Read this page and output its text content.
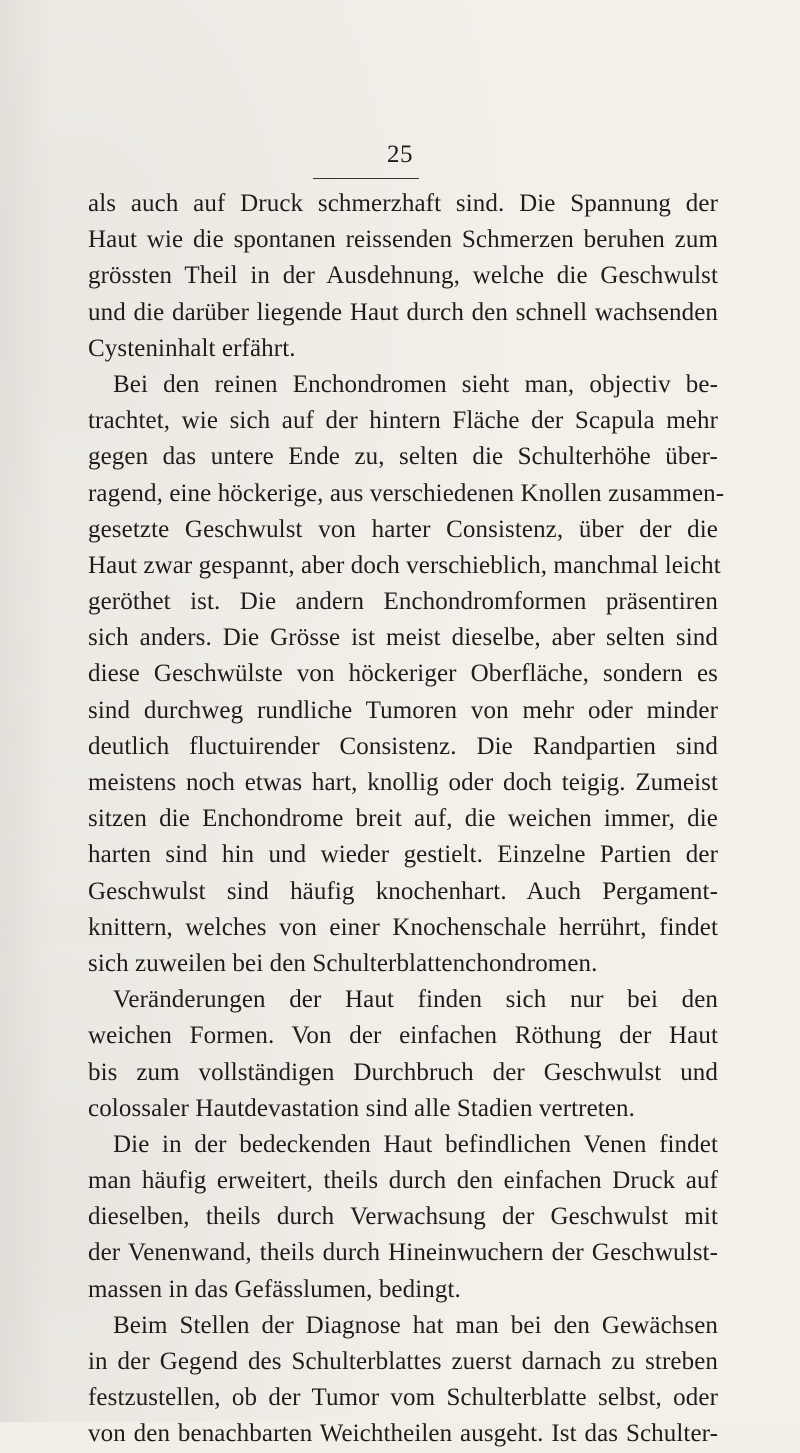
25
als auch auf Druck schmerzhaft sind. Die Spannung der
Haut wie die spontanen reissenden Schmerzen beruhen zum
grössten Theil in der Ausdehnung, welche die Geschwulst
und die darüber liegende Haut durch den schnell wachsenden
Cysteninhalt erfährt.
Bei den reinen Enchondromen sieht man, objectiv be-
trachtet, wie sich auf der hintern Fläche der Scapula mehr
gegen das untere Ende zu, selten die Schulterhöhe über-
ragend, eine höckerige, aus verschiedenen Knollen zusammen-
gesetzte Geschwulst von harter Consistenz, über der die
Haut zwar gespannt, aber doch verschieblich, manchmal leicht
geröthet ist. Die andern Enchondromformen präsentiren
sich anders. Die Grösse ist meist dieselbe, aber selten sind
diese Geschwülste von höckeriger Oberfläche, sondern es
sind durchweg rundliche Tumoren von mehr oder minder
deutlich fluctuirender Consistenz. Die Randpartien sind
meistens noch etwas hart, knollig oder doch teigig. Zumeist
sitzen die Enchondrome breit auf, die weichen immer, die
harten sind hin und wieder gestielt. Einzelne Partien der
Geschwulst sind häufig knochenhart. Auch Pergament-
knittern, welches von einer Knochenschale herrührt, findet
sich zuweilen bei den Schulterblattenchondromen.
Veränderungen der Haut finden sich nur bei den
weichen Formen. Von der einfachen Röthung der Haut
bis zum vollständigen Durchbruch der Geschwulst und
colossaler Hautdevastation sind alle Stadien vertreten.
Die in der bedeckenden Haut befindlichen Venen findet
man häufig erweitert, theils durch den einfachen Druck auf
dieselben, theils durch Verwachsung der Geschwulst mit
der Venenwand, theils durch Hineinwuchern der Geschwulst-
massen in das Gefässlumen, bedingt.
Beim Stellen der Diagnose hat man bei den Gewächsen
in der Gegend des Schulterblattes zuerst darnach zu streben
festzustellen, ob der Tumor vom Schulterblatte selbst, oder
von den benachbarten Weichtheilen ausgeht. Ist das Schulter-
